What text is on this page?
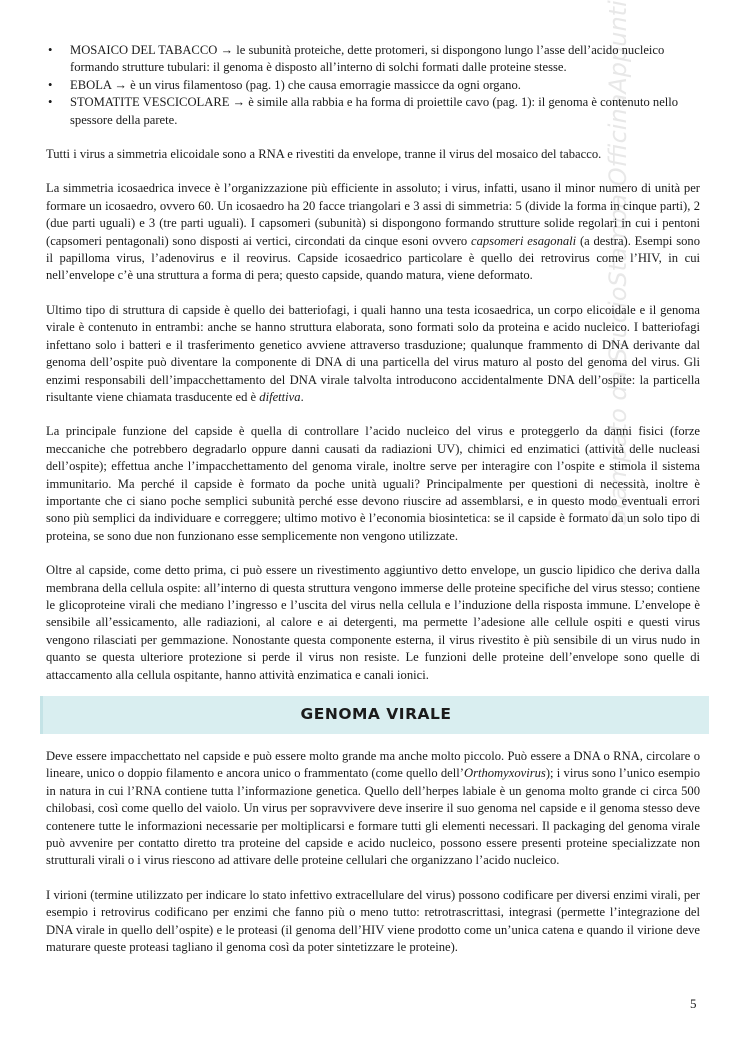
Stampato da StudioStampa OfficinaAppunti
• MOSAICO DEL TABACCO → le subunità proteiche, dette protomeri, si dispongono lungo l’asse dell’acido nucleico formando strutture tubulari: il genoma è disposto all’interno di solchi formati dalle proteine stesse.
• EBOLA → è un virus filamentoso (pag. 1) che causa emorragie massicce da ogni organo.
• STOMATITE VESCICOLARE → è simile alla rabbia e ha forma di proiettile cavo (pag. 1): il genoma è contenuto nello spessore della parete.

Tutti i virus a simmetria elicoidale sono a RNA e rivestiti da envelope, tranne il virus del mosaico del tabacco.

La simmetria icosaedrica invece è l’organizzazione più efficiente in assoluto; i virus, infatti, usano il minor numero di unità per formare un icosaedro, ovvero 60. Un icosaedro ha 20 facce triangolari e 3 assi di simmetria: 5 (divide la forma in cinque parti), 2 (due parti uguali) e 3 (tre parti uguali). I capsomeri (subunità) si dispongono formando strutture solide regolari in cui i pentoni (capsomeri pentagonali) sono disposti ai vertici, circondati da cinque esoni ovvero capsomeri esagonali (a destra). Esempi sono il papilloma virus, l’adenovirus e il reovirus. Capside icosaedrico particolare è quello dei retrovirus come l’HIV, in cui nell’envelope c’è una struttura a forma di pera; questo capside, quando matura, viene deformato.

Ultimo tipo di struttura di capside è quello dei batteriofagi, i quali hanno una testa icosaedrica, un corpo elicoidale e il genoma virale è contenuto in entrambi: anche se hanno struttura elaborata, sono formati solo da proteina e acido nucleico. I batteriofagi infettano solo i batteri e il trasferimento genetico avviene attraverso trasduzione; qualunque frammento di DNA derivante dal genoma dell’ospite può diventare la componente di DNA di una particella del virus maturo al posto del genoma del virus. Gli enzimi responsabili dell’impacchettamento del DNA virale talvolta introducono accidentalmente DNA dell’ospite: la particella risultante viene chiamata trasducente ed è difettiva.

La principale funzione del capside è quella di controllare l’acido nucleico del virus e proteggerlo da danni fisici (forze meccaniche che potrebbero degradarlo oppure danni causati da radiazioni UV), chimici ed enzimatici (attività delle nucleasi dell’ospite); effettua anche l’impacchettamento del genoma virale, inoltre serve per interagire con l’ospite e stimola il sistema immunitario. Ma perché il capside è formato da poche unità uguali? Principalmente per questioni di necessità, inoltre è importante che ci siano poche semplici subunità perché esse devono riuscire ad assemblarsi, e in questo modo eventuali errori sono più semplici da individuare e correggere; ultimo motivo è l’economia biosintetica: se il capside è formato da un solo tipo di proteina, se sono due non funzionano esse semplicemente non vengono utilizzate.

Oltre al capside, come detto prima, ci può essere un rivestimento aggiuntivo detto envelope, un guscio lipidico che deriva dalla membrana della cellula ospite: all’interno di questa struttura vengono immerse delle proteine specifiche del virus stesso; contiene le glicoproteine virali che mediano l’ingresso e l’uscita del virus nella cellula e l’induzione della risposta immune. L’envelope è sensibile all’essicamento, alle radiazioni, al calore e ai detergenti, ma permette l’adesione alle cellule ospiti e questi virus vengono rilasciati per gemmazione. Nonostante questa componente esterna, il virus rivestito è più sensibile di un virus nudo in quanto se questa ulteriore protezione si perde il virus non resiste. Le funzioni delle proteine dell’envelope sono quelle di attaccamento alla cellula ospitante, hanno attività enzimatica e canali ionici.

GENOMA VIRALE

Deve essere impacchettato nel capside e può essere molto grande ma anche molto piccolo. Può essere a DNA o RNA, circolare o lineare, unico o doppio filamento e ancora unico o frammentato (come quello dell’Orthomyxovirus); i virus sono l’unico esempio in natura in cui l’RNA contiene tutta l’informazione genetica. Quello dell’herpes labiale è un genoma molto grande ci circa 500 chilobasi, così come quello del vaiolo. Un virus per sopravvivere deve inserire il suo genoma nel capside e il genoma stesso deve contenere tutte le informazioni necessarie per moltiplicarsi e formare tutti gli elementi necessari. Il packaging del genoma virale può avvenire per contatto diretto tra proteine del capside e acido nucleico, possono essere presenti proteine specializzate non strutturali virali o i virus riescono ad attivare delle proteine cellulari che organizzano l’acido nucleico.

I virioni (termine utilizzato per indicare lo stato infettivo extracellulare del virus) possono codificare per diversi enzimi virali, per esempio i retrovirus codificano per enzimi che fanno più o meno tutto: retrotrascrittasi, integrasi (permette l’integrazione del DNA virale in quello dell’ospite) e le proteasi (il genoma dell’HIV viene prodotto come un’unica catena e quando il virione deve maturare queste proteasi tagliano il genoma così da poter sintetizzare le proteine).

5
